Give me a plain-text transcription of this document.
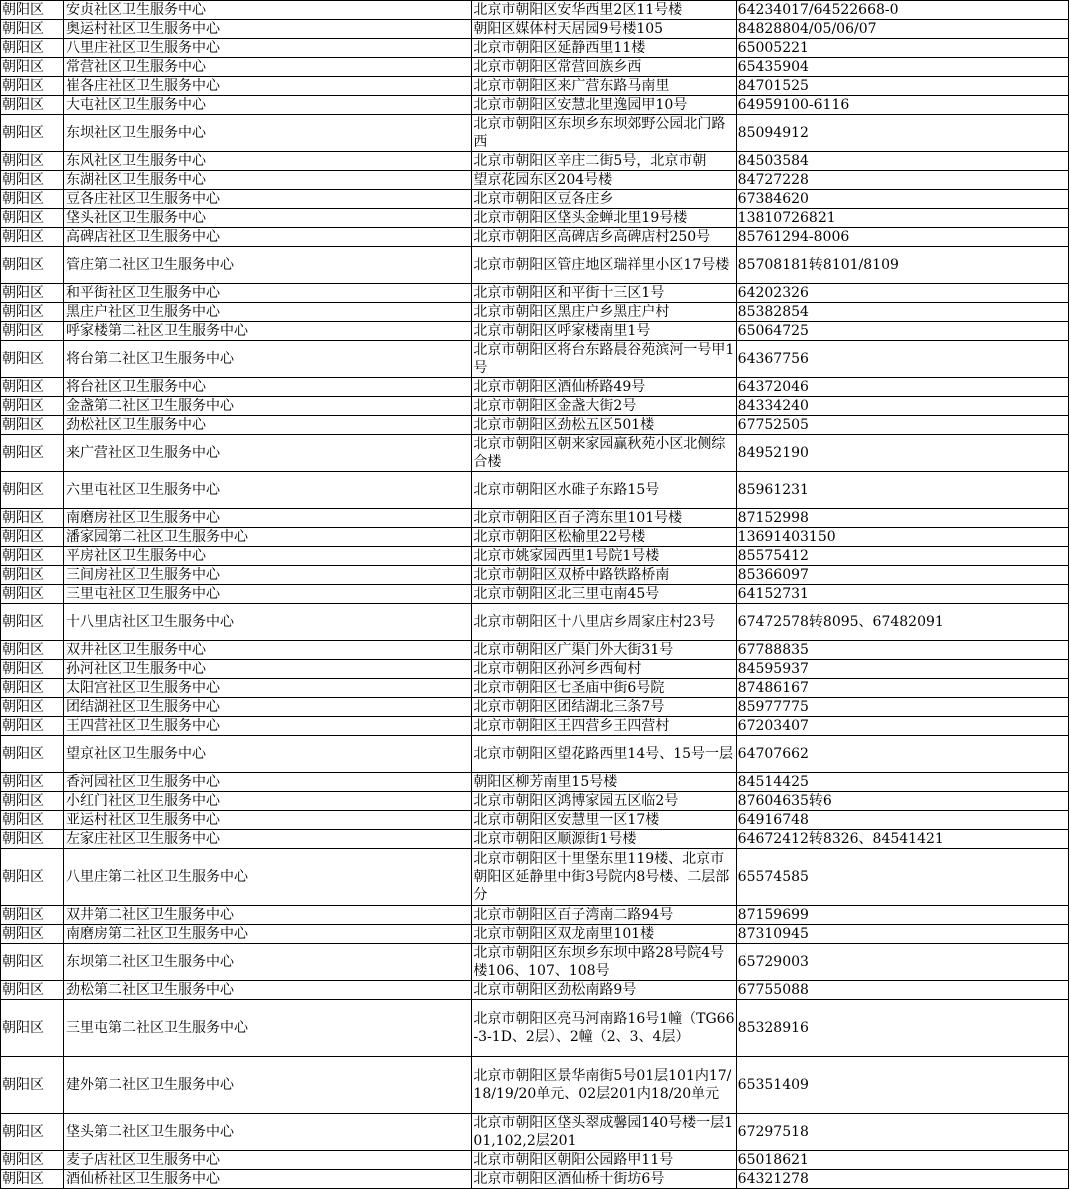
朝阳区	安贞社区卫生服务中心	北京市朝阳区安华西里2区11号楼	64234017/64522668-0
朝阳区	奥运村社区卫生服务中心	朝阳区媒体村天居园9号楼105	84828804/05/06/07
朝阳区	八里庄社区卫生服务中心	北京市朝阳区延静西里11楼	65005221
朝阳区	常营社区卫生服务中心	北京市朝阳区常营回族乡西	65435904
朝阳区	崔各庄社区卫生服务中心	北京市朝阳区来广营东路马南里	84701525
朝阳区	大屯社区卫生服务中心	北京市朝阳区安慧北里逸园甲10号	64959100-6116
朝阳区	东坝社区卫生服务中心	北京市朝阳区东坝乡东坝郊野公园北门路西	85094912
朝阳区	东风社区卫生服务中心	北京市朝阳区辛庄二街5号，北京市朝	84503584
朝阳区	东湖社区卫生服务中心	望京花园东区204号楼	84727228
朝阳区	豆各庄社区卫生服务中心	北京市朝阳区豆各庄乡	67384620
朝阳区	垡头社区卫生服务中心	北京市朝阳区垡头金蝉北里19号楼	13810726821
朝阳区	高碑店社区卫生服务中心	北京市朝阳区高碑店乡高碑店村250号	85761294-8006
朝阳区	管庄第二社区卫生服务中心	北京市朝阳区管庄地区瑞祥里小区17号楼	85708181转8101/8109
朝阳区	和平街社区卫生服务中心	北京市朝阳区和平街十三区1号	64202326
朝阳区	黑庄户社区卫生服务中心	北京市朝阳区黑庄户乡黑庄户村	85382854
朝阳区	呼家楼第二社区卫生服务中心	北京市朝阳区呼家楼南里1号	65064725
朝阳区	将台第二社区卫生服务中心	北京市朝阳区将台东路晨谷苑滨河一号甲1号	64367756
朝阳区	将台社区卫生服务中心	北京市朝阳区酒仙桥路49号	64372046
朝阳区	金盏第二社区卫生服务中心	北京市朝阳区金盏大街2号	84334240
朝阳区	劲松社区卫生服务中心	北京市朝阳区劲松五区501楼	67752505
朝阳区	来广营社区卫生服务中心	北京市朝阳区朝来家园赢秋苑小区北侧综合楼	84952190
朝阳区	六里屯社区卫生服务中心	北京市朝阳区水碓子东路15号	85961231
朝阳区	南磨房社区卫生服务中心	北京市朝阳区百子湾东里101号楼	87152998
朝阳区	潘家园第二社区卫生服务中心	北京市朝阳区松榆里22号楼	13691403150
朝阳区	平房社区卫生服务中心	北京市姚家园西里1号院1号楼	85575412
朝阳区	三间房社区卫生服务中心	北京市朝阳区双桥中路铁路桥南	85366097
朝阳区	三里屯社区卫生服务中心	北京市朝阳区北三里屯南45号	64152731
朝阳区	十八里店社区卫生服务中心	北京市朝阳区十八里店乡周家庄村23号	67472578转8095、67482091
朝阳区	双井社区卫生服务中心	北京市朝阳区广渠门外大街31号	67788835
朝阳区	孙河社区卫生服务中心	北京市朝阳区孙河乡西甸村	84595937
朝阳区	太阳宫社区卫生服务中心	北京市朝阳区七圣庙中街6号院	87486167
朝阳区	团结湖社区卫生服务中心	北京市朝阳区团结湖北三条7号	85977775
朝阳区	王四营社区卫生服务中心	北京市朝阳区王四营乡王四营村	67203407
朝阳区	望京社区卫生服务中心	北京市朝阳区望花路西里14号、15号一层	64707662
朝阳区	香河园社区卫生服务中心	朝阳区柳芳南里15号楼	84514425
朝阳区	小红门社区卫生服务中心	北京市朝阳区鸿博家园五区临2号	87604635转6
朝阳区	亚运村社区卫生服务中心	北京市朝阳区安慧里一区17楼	64916748
朝阳区	左家庄社区卫生服务中心	北京市朝阳区顺源街1号楼	64672412转8326、84541421
朝阳区	八里庄第二社区卫生服务中心	北京市朝阳区十里堡东里119楼、北京市朝阳区延静里中街3号院内8号楼、二层部分	65574585
朝阳区	双井第二社区卫生服务中心	北京市朝阳区百子湾南二路94号	87159699
朝阳区	南磨房第二社区卫生服务中心	北京市朝阳区双龙南里101楼	87310945
朝阳区	东坝第二社区卫生服务中心	北京市朝阳区东坝乡东坝中路28号院4号楼106、107、108号	65729003
朝阳区	劲松第二社区卫生服务中心	北京市朝阳区劲松南路9号	67755088
朝阳区	三里屯第二社区卫生服务中心	北京市朝阳区亮马河南路16号1幢（TG66-3-1D、2层）、2幢（2、3、4层）	85328916
朝阳区	建外第二社区卫生服务中心	北京市朝阳区景华南街5号01层101内17/18/19/20单元、02层201内18/20单元	65351409
朝阳区	垡头第二社区卫生服务中心	北京市朝阳区垡头翠成馨园140号楼一层101,102,2层201	67297518
朝阳区	麦子店社区卫生服务中心	北京市朝阳区朝阳公园路甲11号	65018621
朝阳区	酒仙桥社区卫生服务中心	北京市朝阳区酒仙桥十街坊6号	64321278
